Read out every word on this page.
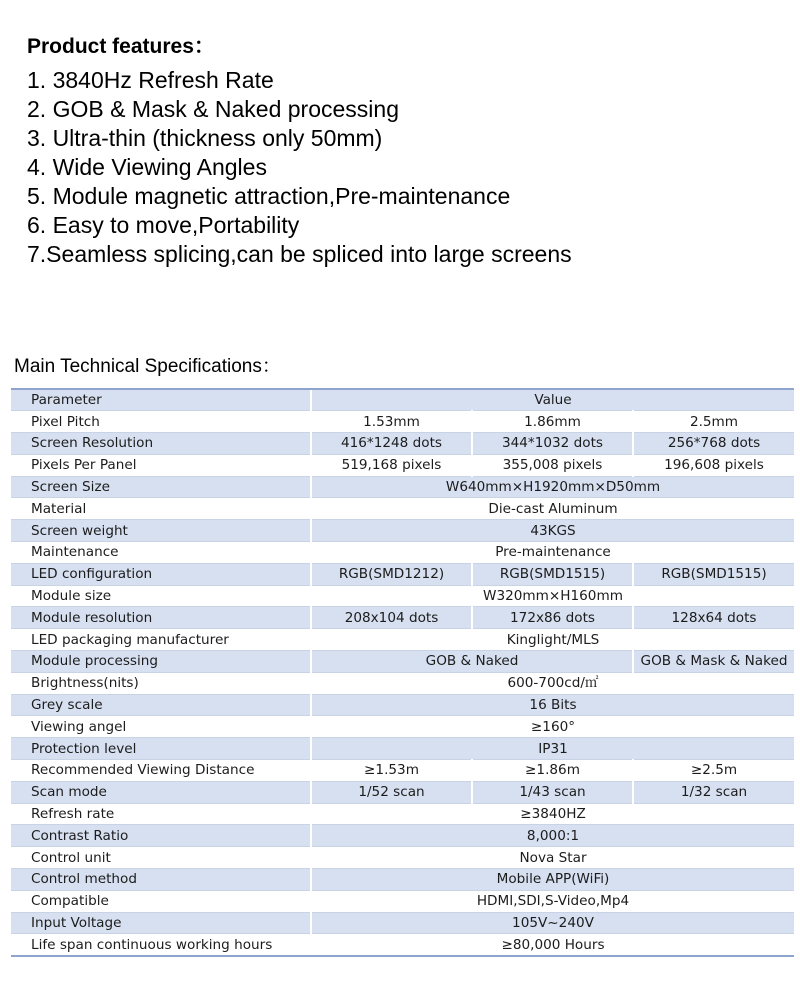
Product features：
1. 3840Hz Refresh Rate
2. GOB & Mask & Naked processing
3. Ultra-thin (thickness only 50mm)
4. Wide Viewing Angles
5. Module magnetic attraction,Pre-maintenance
6. Easy to move,Portability
7.Seamless splicing,can be spliced into large screens
Main Technical Specifications：
Parameter	Value		
Pixel Pitch	1.53mm	1.86mm	2.5mm
Screen Resolution	416*1248 dots	344*1032 dots	256*768 dots
Pixels Per Panel	519,168 pixels	355,008 pixels	196,608 pixels
Screen Size	W640mm×H1920mm×D50mm		
Material	Die-cast Aluminum		
Screen weight	43KGS		
Maintenance	Pre-maintenance		
LED configuration	RGB(SMD1212)	RGB(SMD1515)	RGB(SMD1515)
Module size	W320mm×H160mm		
Module resolution	208x104 dots	172x86 dots	128x64 dots
LED packaging manufacturer	Kinglight/MLS		
Module processing	GOB & Naked		GOB & Mask & Naked
Brightness(nits)	600-700cd/㎡		
Grey scale	16 Bits		
Viewing angel	≥160°		
Protection level	IP31		
Recommended Viewing Distance	≥1.53m	≥1.86m	≥2.5m
Scan mode	1/52 scan	1/43 scan	1/32 scan
Refresh rate	≥3840HZ		
Contrast Ratio	8,000:1		
Control unit	Nova Star		
Control method	Mobile APP(WiFi)		
Compatible	HDMI,SDI,S-Video,Mp4		
Input Voltage	105V~240V		
Life span continuous working hours	≥80,000 Hours		
